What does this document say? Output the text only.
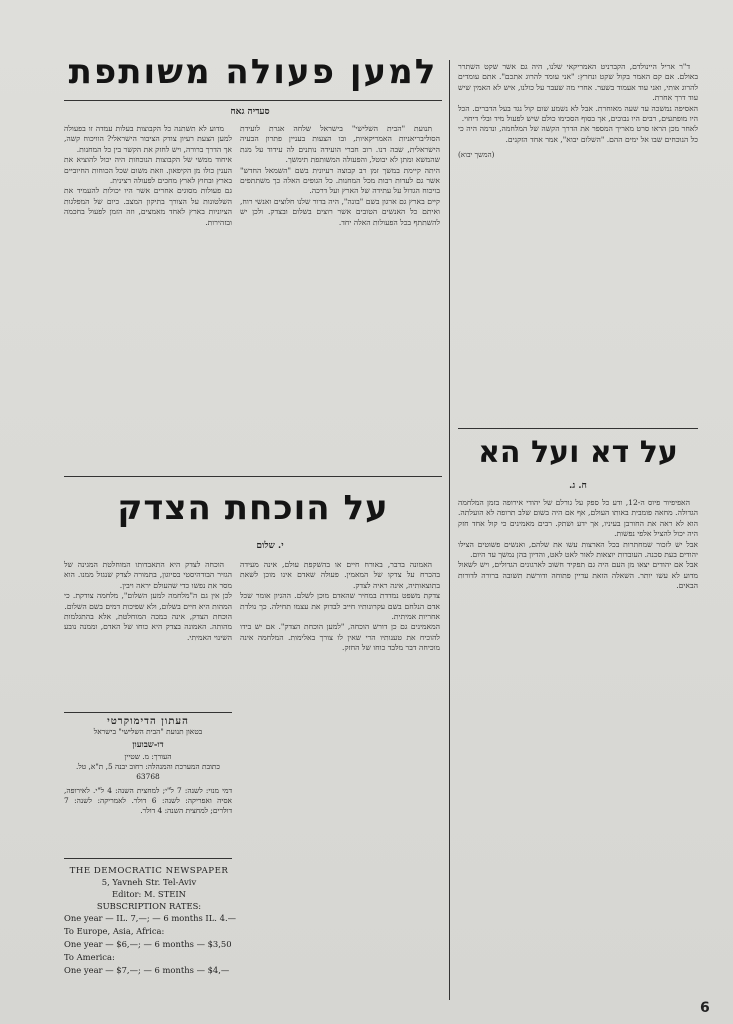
ד"ר אריל היינולדם, הקברניט האמריקאי שלנו, היה גם אשר שקט השתרר באולם. אם קם האמר בקול שקט ונחרץ: "אני עומד להרוג אתכם". אתם עומדים להרוג אותי, ואני עוד אעמוד בשער. אחרי מה שעבר על כולנו, איש לא האמין שיש עוד דרך אחרת.
האסיפה נמשכה עד שעה מאוחרת. אבל לא נשמע שום קול נגד בעל הדברים. הכל היו מופתעים, רבים היו נבוכים, אך בסוף הסכימו כולם שיש לפעול מיד ובלי דיחוי.
לאחר מכן הראו סרט מאריך המספר את הדרך הקשה של המלחמה, ונדמה היה כי כל הנוכחים שבו אל ימים ההם. "השלום יבוא", אמר אחד הזקנים.

(המשך יבוא)
למען פעולה משותפת
סעדיה גאח

תנועת "הבית השלישי" בישראל שלחה אגרת לועידת הסוליבריאניות האמריקאיות, ובו הצעות בעניין פתרון הבעיה הישראלית, שבה דנו. רוב חברי הועידה נותנים לה עידוד על מנת שהמשא ומתן לא יבוטל, והפעולה המשותפת תימשך.
היתה קיימת במשך זמן רב קבוצה רעיונית בשם "השמאל החדש" אשר גם לעדות רבות מכל המחנות. כל הגופים האלה כך משתתפים בויכוח הגדול על עתידה של הארץ ועל דרכה.
קיים בארץ גם ארגון בשם "בונה", היה בדור שלנו חלוצים ואנשי רוח, ואיתם כל האנשים הטובים אשר רוצים בשלום ובצדק. ולכן יש להשתתף בכל הפעולות האלה יחד.

מדוע לא תשתנה כל הקבוצות בעלות עמדה זו בפעולה למען הצעת רעיון צודק הציבור הישראלי? הוויכוח קשה, אך הדרך ברורה, ויש לחזק את הקשר בין כל המחנות.
איחוד ממשי של הקבוצות הנוכחות היה יכול להוציא את הענין כולו מן הקיפאון. וזאת משום שכל הכוחות החיוביים בארץ ובחוץ לארץ מחכים לפעולה רצינית.
גם פעולות מסוגים אחרים אשר היו יכולות להעמיד את השלטונות על הצורך בתיקון המצב. כיום של המפלגות הציוניות בארץ לאחד מאמצים, וזה הזמן לפעול בחכמה ובזהירות.

על דא ועל הא
ח. ג.

האפיפיור פיוס ה-12, ודע כל ספק על גורלם של יהודי אירופה בזמן המלחמה הגדולה. מחאה פומבית באותו העולם, אף אם היה בשום שלב תרופה לא הועלתה. הוא לא ראה את החורבן בעיניו, אך ידע ושתק. רבים מאמינים כי קול אחד חזק היה יכול להציל אלפי נפשות.
אבל יש לזכור שמחתרות בכל הארצות עשו את שלהם, ואנשים פשוטים הצילו יהודים בעת סכנה. העובדות יוצאות לאור לאט לאט, והדיון בהן נמשך עד היום.
אבל אם יהודים יצאו מן העם היה גם תפקיד חשוב לארגונים הגדולים, ויש לשאול מדוע לא עשו יותר. השאלה הזאת עדיין פתוחה ודורשת תשובה ברורה לדורות הבאים.

על הוכחת הצדק
י. שלום

הוכחה לצדק היא התאבדותו המוחלטת המגינה של הגזיר הבודהיסטי בסיוגון, בתמורה לצדק שנגזל ממנו. הוא מסר את נפשו כדי שהעולם יראה ויבין.
לכן אין גם ה"מלחמה למען השלום", מלחמה צודקת. כי המהות היא חיים בשלום, ולא שפיכות דמים בשם השלום.
הוכחת הצדק, אינה במכה המוחלטת, אלא בהתגלמות מהותה. האמונה בצדק היא כוחו של האדם, וממנה נובע השינוי האמיתי.

האמונה בדבר, באורח חיים או בהשקפת עולם, אינה מעידה בהכרח על צדקו של המאמין. פעולה שאדם אינו מוכן לשאת בתוצאותיה, אינה ראיה לצדק.
צדקת משפט נמדדת במחיר שהאדם מוכן לשלם. ההגיון אומר שכל אדם הנלחם בשם עקרונותיו חייב לבדוק את עצמו תחילה. כך נולדת אחריות אמיתית.
המאמינים גם כן דורש הוכחה, "למען הוכחת הצדק". אם יש בידו להוכיח את טענותיו הרי שאין לו צורך באלימות. המלחמה אינה מוכיחה דבר מלבד כוחו של החזק.

העתון הדימוקרטי
בטאון תנועת "הבית השלישי" בישראל
דו-שבועון
העורך: מ. שטיין
כתובת המערכת והמנהלה: רחוב יבנה 5, ת"א, טל. 63768
דמי מנוי: לשנה: 7 ל"י; למחצית השנה: 4 ל"י. לאירופה, אסיה ואפריקה: לשנה: 6 דולר. לאמריקה: לשנה: 7 דולרים; למחצית השנה: 4 דולר.
THE DEMOCRATIC NEWSPAPER
5, Yavneh Str. Tel-Aviv
Editor: M. STEIN
SUBSCRIPTION RATES:
One year — IL. 7,—; — 6 months IL. 4.—
To Europe, Asia, Africa:
One year — $6,—; — 6 months — $3,50
To America:
One year — $7,—; — 6 months — $4,—
6
